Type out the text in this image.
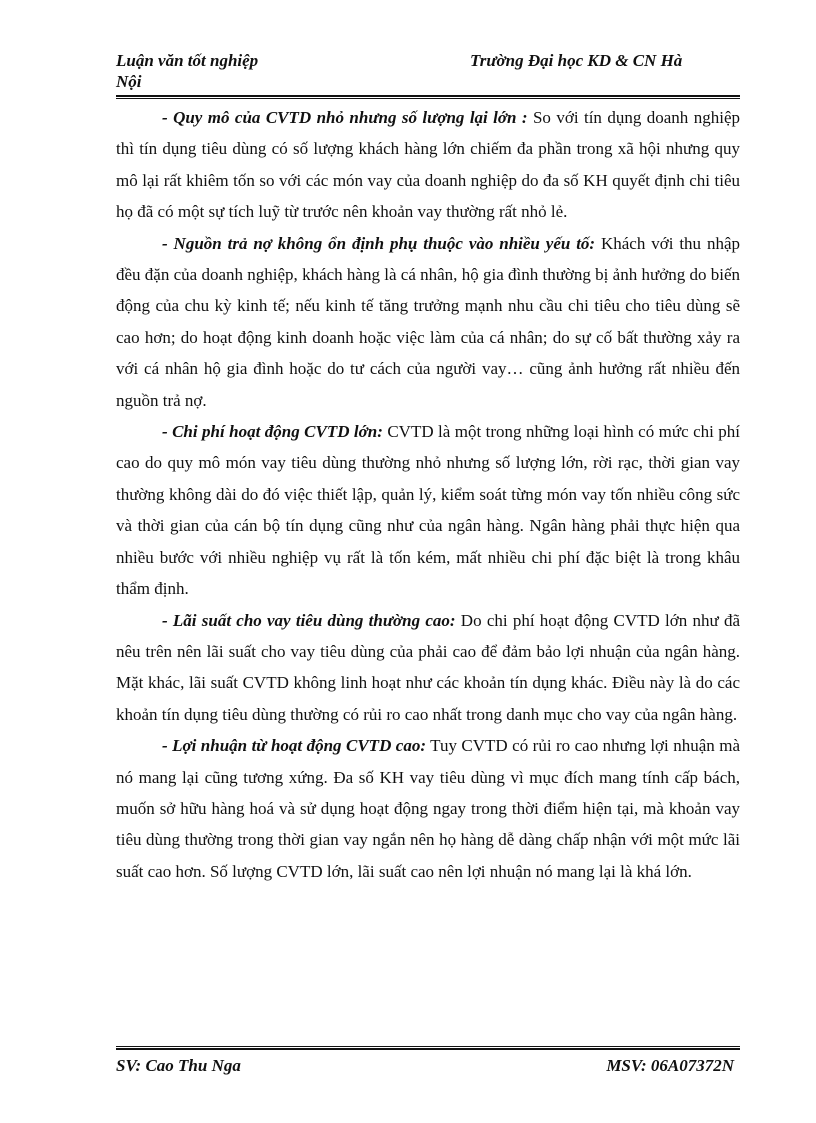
Luận văn tốt nghiệp
Nội
Trường Đại học KD & CN Hà

- Quy mô của CVTD nhỏ nhưng số lượng lại lớn : So với tín dụng doanh nghiệp thì tín dụng tiêu dùng có số lượng khách hàng lớn chiếm đa phần trong xã hội nhưng quy mô lại rất khiêm tốn so với các món vay của doanh nghiệp do đa số KH quyết định chi tiêu họ đã có một sự tích luỹ từ trước nên khoản vay thường rất nhỏ lẻ.

- Nguồn trả nợ không ổn định phụ thuộc vào nhiều yếu tố: Khách với thu nhập đều đặn của doanh nghiệp, khách hàng là cá nhân, hộ gia đình thường bị ảnh hưởng do biến động của chu kỳ kinh tế; nếu kinh tế tăng trưởng mạnh nhu cầu chi tiêu cho tiêu dùng sẽ cao hơn; do hoạt động kinh doanh hoặc việc làm của cá nhân; do sự cố bất thường xảy ra với cá nhân hộ gia đình hoặc do tư cách của người vay… cũng ảnh hưởng rất nhiều đến nguồn trả nợ.

- Chi phí hoạt động CVTD lớn: CVTD là một trong những loại hình có mức chi phí cao do quy mô món vay tiêu dùng thường nhỏ nhưng số lượng lớn, rời rạc, thời gian vay thường không dài do đó việc thiết lập, quản lý, kiểm soát từng món vay tốn nhiều công sức và thời gian của cán bộ tín dụng cũng như của ngân hàng. Ngân hàng phải thực hiện qua nhiều bước với nhiều nghiệp vụ rất là tốn kém, mất nhiều chi phí đặc biệt là trong khâu thẩm định.

- Lãi suất cho vay tiêu dùng thường cao: Do chi phí hoạt động CVTD lớn như đã nêu trên nên lãi suất cho vay tiêu dùng của phải cao để đảm bảo lợi nhuận của ngân hàng. Mặt khác, lãi suất CVTD không linh hoạt như các khoản tín dụng khác. Điều này là do các khoản tín dụng tiêu dùng thường có rủi ro cao nhất trong danh mục cho vay của ngân hàng.

- Lợi nhuận từ hoạt động CVTD cao: Tuy CVTD có rủi ro cao nhưng lợi nhuận mà nó mang lại cũng tương xứng. Đa số KH vay tiêu dùng vì mục đích mang tính cấp bách, muốn sở hữu hàng hoá và sử dụng hoạt động ngay trong thời điểm hiện tại, mà khoản vay tiêu dùng thường trong thời gian vay ngắn nên họ hàng dễ dàng chấp nhận với một mức lãi suất cao hơn. Số lượng CVTD lớn, lãi suất cao nên lợi nhuận nó mang lại là khá lớn.

SV: Cao Thu Nga	MSV: 06A07372N
